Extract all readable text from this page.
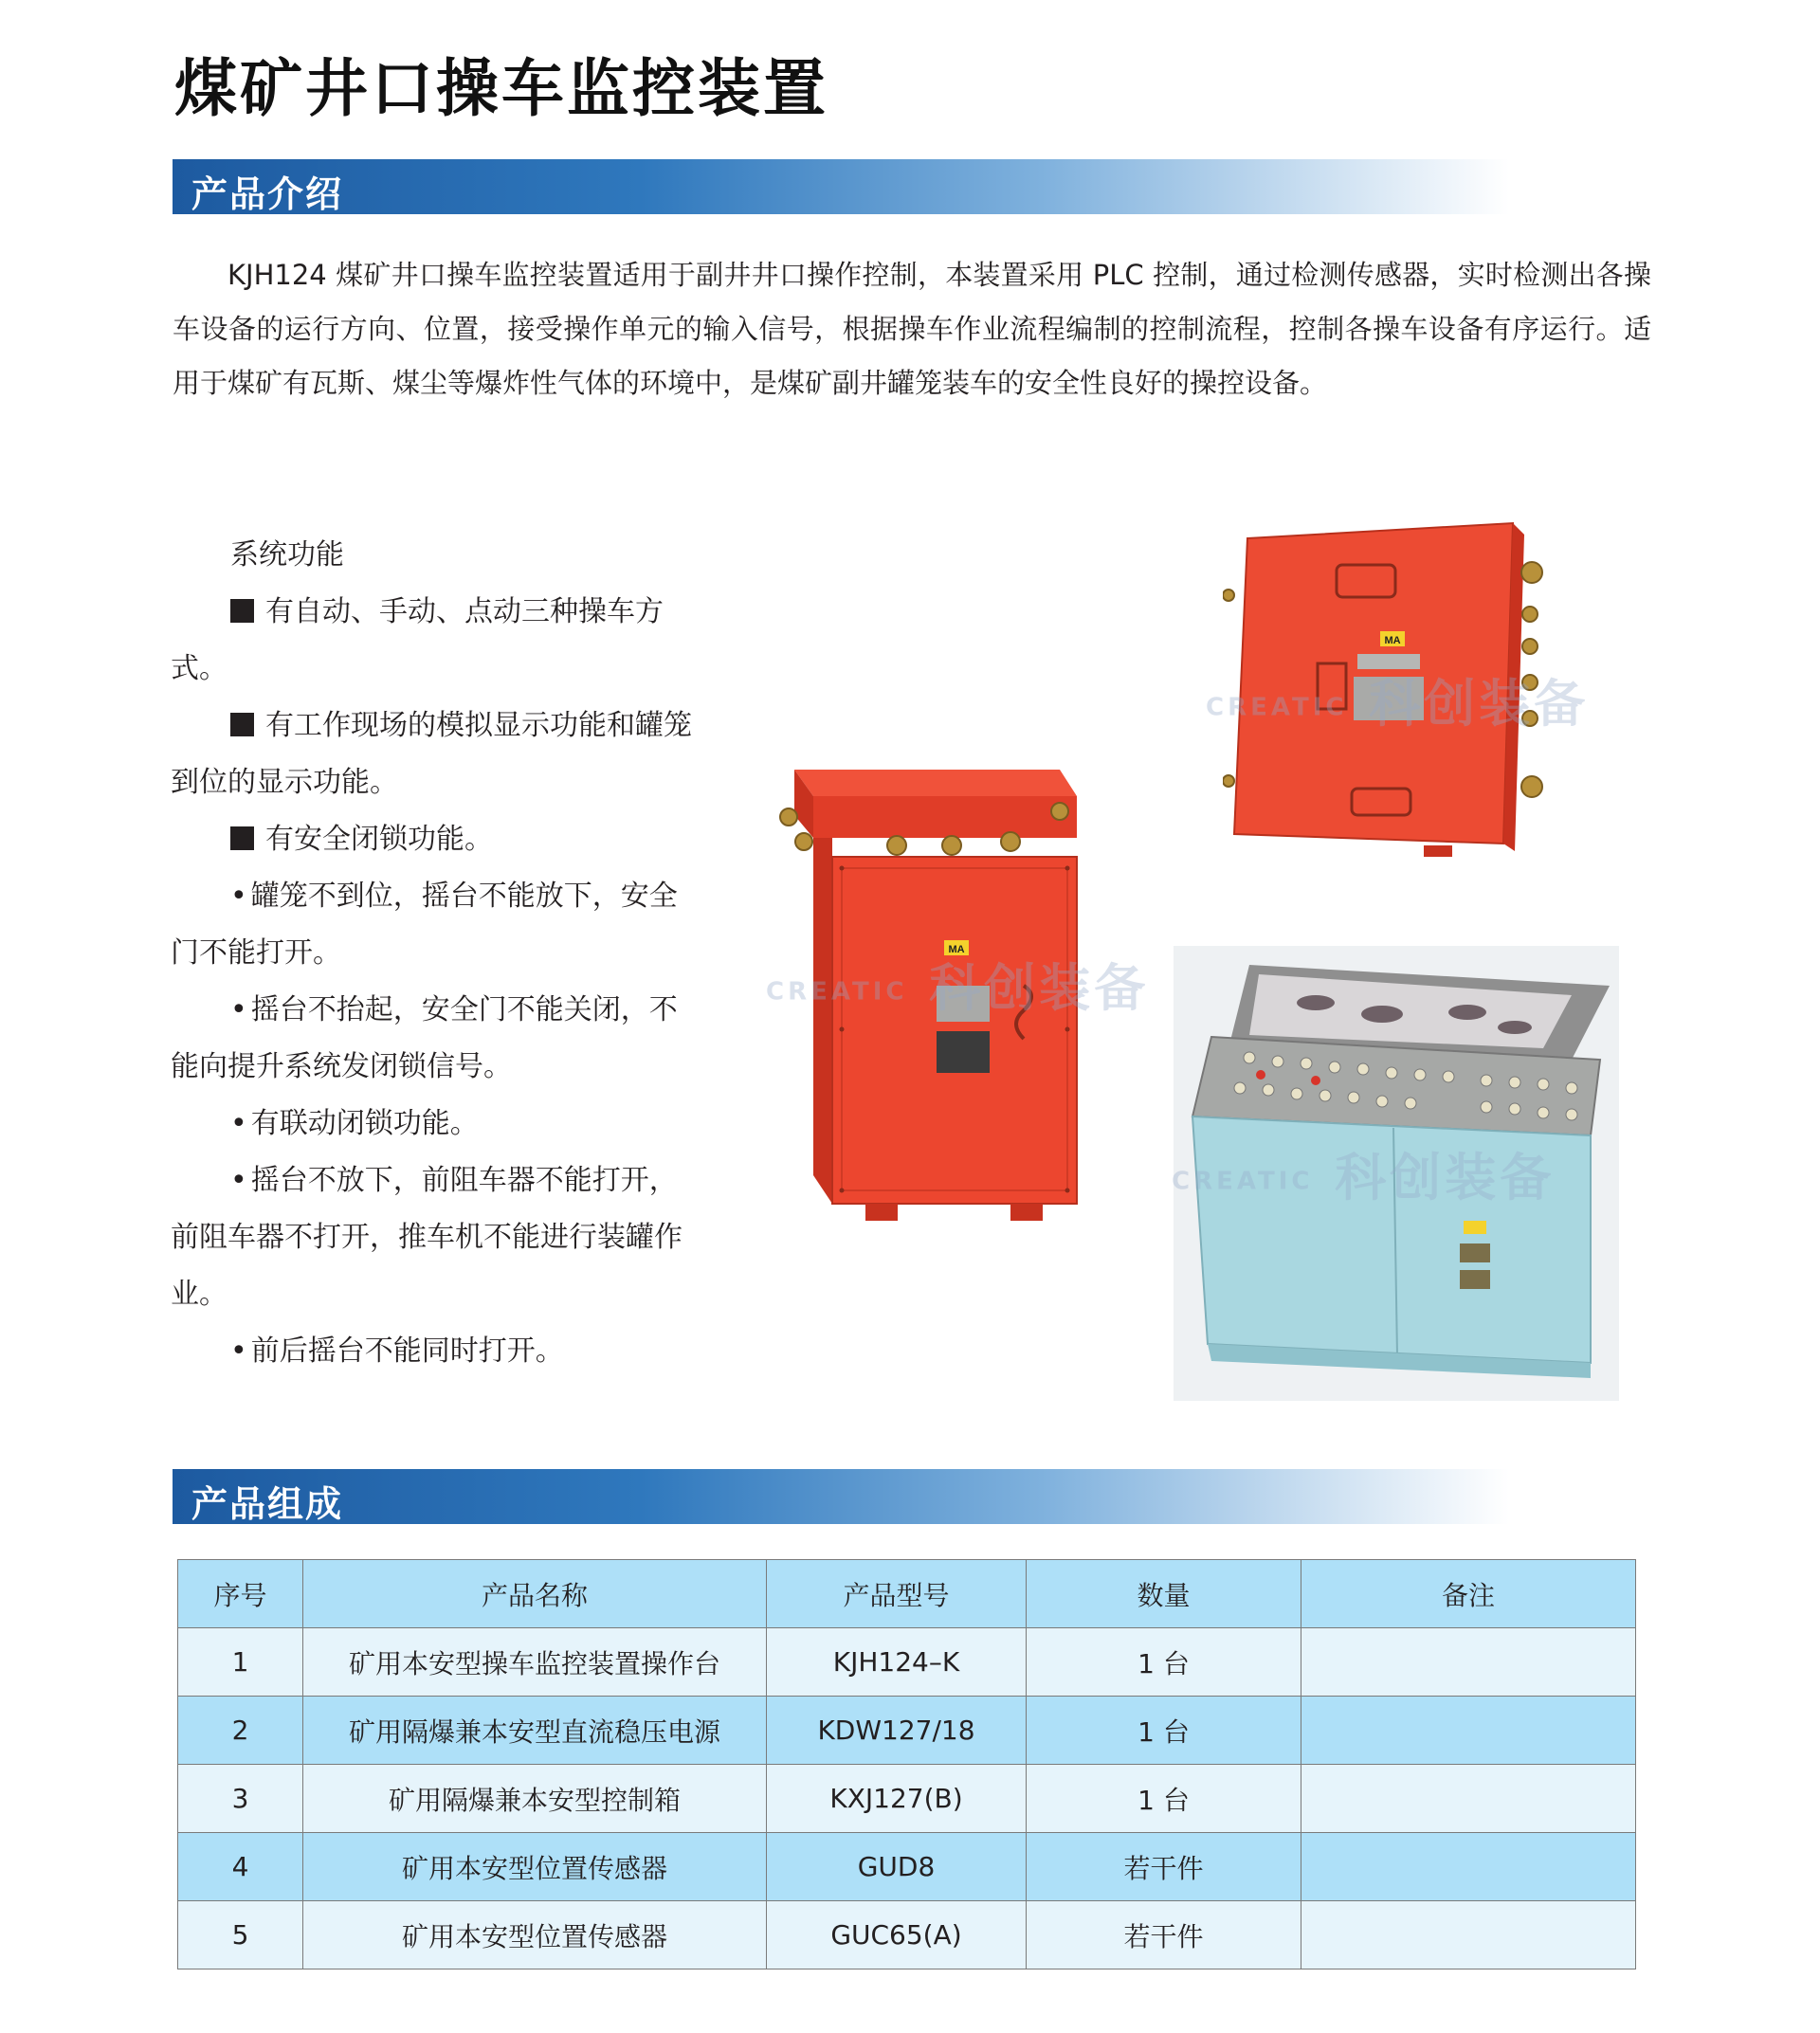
煤矿井口操车监控装置
产品介绍

KJH124 煤矿井口操车监控装置适用于副井井口操作控制，本装置采用 PLC 控制，通过检测传感器，实时检测出各操车设备的运行方向、位置，接受操作单元的输入信号，根据操车作业流程编制的控制流程，控制各操车设备有序运行。适用于煤矿有瓦斯、煤尘等爆炸性气体的环境中，是煤矿副井罐笼装车的安全性良好的操控设备。

系统功能

有自动、手动、点动三种操车方式。

有工作现场的模拟显示功能和罐笼到位的显示功能。

有安全闭锁功能。

• 罐笼不到位，摇台不能放下，安全门不能打开。

• 摇台不抬起，安全门不能关闭，不能向提升系统发闭锁信号。

• 有联动闭锁功能。

• 摇台不放下，前阻车器不能打开，前阻车器不打开，推车机不能进行装罐作业。

• 前后摇台不能同时打开。

MA
MA
CREATIC 科创装备
CREATIC 科创装备
CREATIC 科创装备
产品组成
序号	产品名称	产品型号	数量	备注
1	矿用本安型操车监控装置操作台	KJH124–K	1 台	
2	矿用隔爆兼本安型直流稳压电源	KDW127/18	1 台	
3	矿用隔爆兼本安型控制箱	KXJ127(B)	1 台	
4	矿用本安型位置传感器	GUD8	若干件	
5	矿用本安型位置传感器	GUC65(A)	若干件	
